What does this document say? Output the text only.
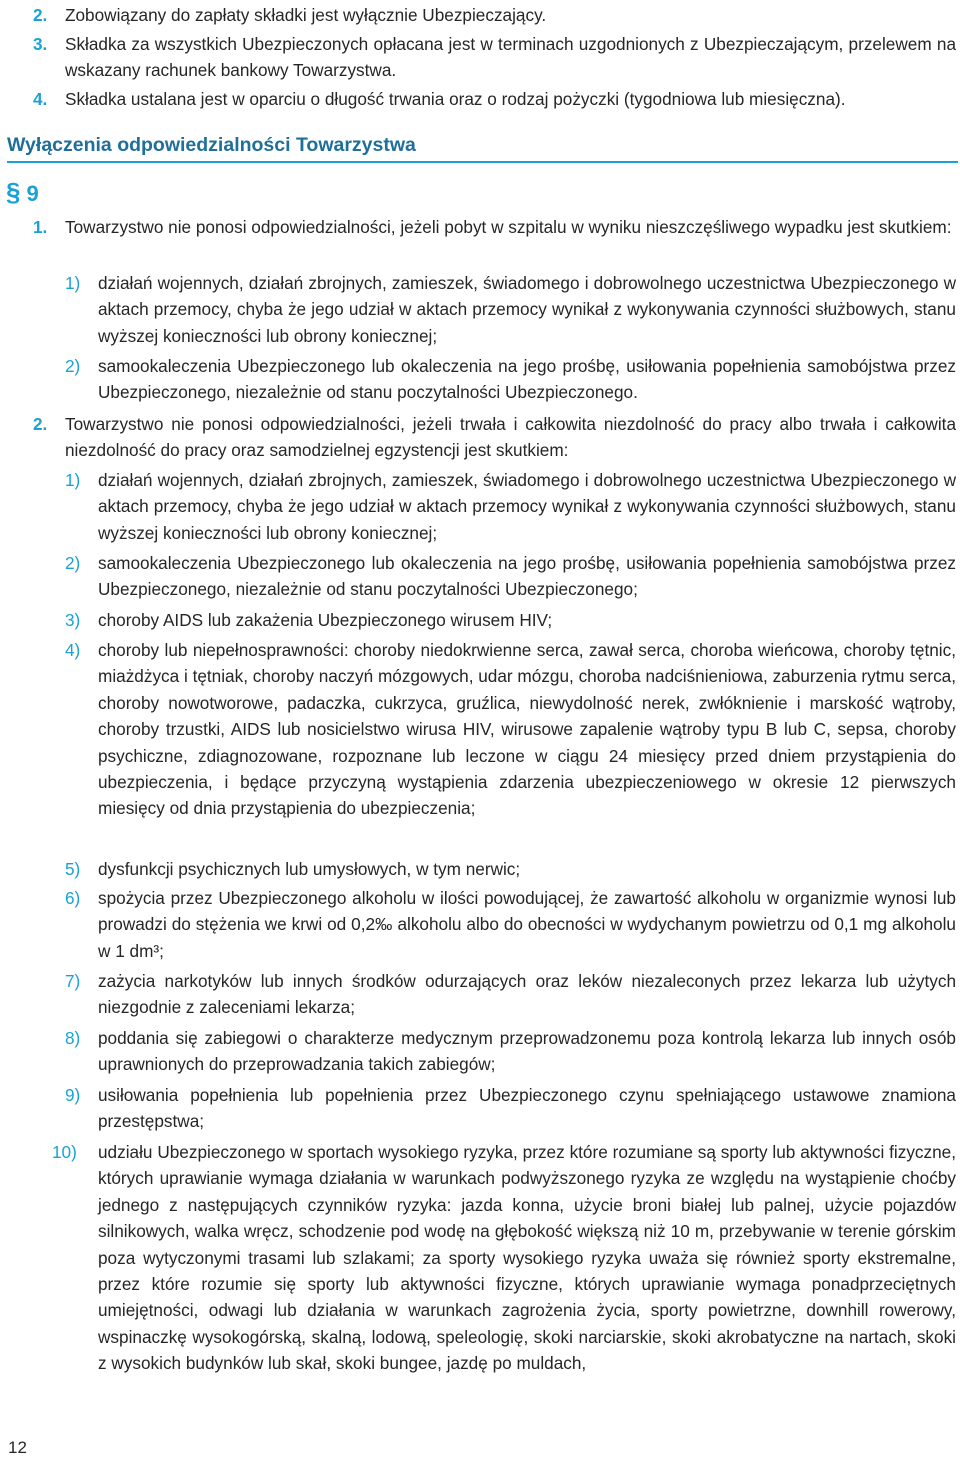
2. Zobowiązany do zapłaty składki jest wyłącznie Ubezpieczający.
3. Składka za wszystkich Ubezpieczonych opłacana jest w terminach uzgodnionych z Ubezpieczającym, przelewem na wskazany rachunek bankowy Towarzystwa.
4. Składka ustalana jest w oparciu o długość trwania oraz o rodzaj pożyczki (tygodniowa lub miesięczna).
Wyłączenia odpowiedzialności Towarzystwa
§ 9
1. Towarzystwo nie ponosi odpowiedzialności, jeżeli pobyt w szpitalu w wyniku nieszczęśliwego wypadku jest skutkiem:
1) działań wojennych, działań zbrojnych, zamieszek, świadomego i dobrowolnego uczestnictwa Ubezpieczonego w aktach przemocy, chyba że jego udział w aktach przemocy wynikał z wykonywania czynności służbowych, stanu wyższej konieczności lub obrony koniecznej;
2) samookaleczenia Ubezpieczonego lub okaleczenia na jego prośbę, usiłowania popełnienia samobójstwa przez Ubezpieczonego, niezależnie od stanu poczytalności Ubezpieczonego.
2. Towarzystwo nie ponosi odpowiedzialności, jeżeli trwała i całkowita niezdolność do pracy albo trwała i całkowita niezdolność do pracy oraz samodzielnej egzystencji jest skutkiem:
1) działań wojennych, działań zbrojnych, zamieszek, świadomego i dobrowolnego uczestnictwa Ubezpieczonego w aktach przemocy, chyba że jego udział w aktach przemocy wynikał z wykonywania czynności służbowych, stanu wyższej konieczności lub obrony koniecznej;
2) samookaleczenia Ubezpieczonego lub okaleczenia na jego prośbę, usiłowania popełnienia samobójstwa przez Ubezpieczonego, niezależnie od stanu poczytalności Ubezpieczonego;
3) choroby AIDS lub zakażenia Ubezpieczonego wirusem HIV;
4) choroby lub niepełnosprawności: choroby niedokrwienne serca, zawał serca, choroba wieńcowa, choroby tętnic, miażdżyca i tętniak, choroby naczyń mózgowych, udar mózgu, choroba nadciśnieniowa, zaburzenia rytmu serca, choroby nowotworowe, padaczka, cukrzyca, gruźlica, niewydolność nerek, zwłóknienie i marskość wątroby, choroby trzustki, AIDS lub nosicielstwo wirusa HIV, wirusowe zapalenie wątroby typu B lub C, sepsa, choroby psychiczne, zdiagnozowane, rozpoznane lub leczone w ciągu 24 miesięcy przed dniem przystąpienia do ubezpieczenia, i będące przyczyną wystąpienia zdarzenia ubezpieczeniowego w okresie 12 pierwszych miesięcy od dnia przystąpienia do ubezpieczenia;
5) dysfunkcji psychicznych lub umysłowych, w tym nerwic;
6) spożycia przez Ubezpieczonego alkoholu w ilości powodującej, że zawartość alkoholu w organizmie wynosi lub prowadzi do stężenia we krwi od 0,2‰ alkoholu albo do obecności w wydychanym powietrzu od 0,1 mg alkoholu w 1 dm³;
7) zażycia narkotyków lub innych środków odurzających oraz leków niezaleconych przez lekarza lub użytych niezgodnie z zaleceniami lekarza;
8) poddania się zabiegowi o charakterze medycznym przeprowadzonemu poza kontrolą lekarza lub innych osób uprawnionych do przeprowadzania takich zabiegów;
9) usiłowania popełnienia lub popełnienia przez Ubezpieczonego czynu spełniającego ustawowe znamiona przestępstwa;
10) udziału Ubezpieczonego w sportach wysokiego ryzyka, przez które rozumiane są sporty lub aktywności fizyczne, których uprawianie wymaga działania w warunkach podwyższonego ryzyka ze względu na wystąpienie choćby jednego z następujących czynników ryzyka: jazda konna, użycie broni białej lub palnej, użycie pojazdów silnikowych, walka wręcz, schodzenie pod wodę na głębokość większą niż 10 m, przebywanie w terenie górskim poza wytyczonymi trasami lub szlakami; za sporty wysokiego ryzyka uważa się również sporty ekstremalne, przez które rozumie się sporty lub aktywności fizyczne, których uprawianie wymaga ponadprzeciętnych umiejętności, odwagi lub działania w warunkach zagrożenia życia, sporty powietrzne, downhill rowerowy, wspinaczkę wysokogórską, skalną, lodową, speleologię, skoki narciarskie, skoki akrobatyczne na nartach, skoki z wysokich budynków lub skał, skoki bungee, jazdę po muldach,
12
